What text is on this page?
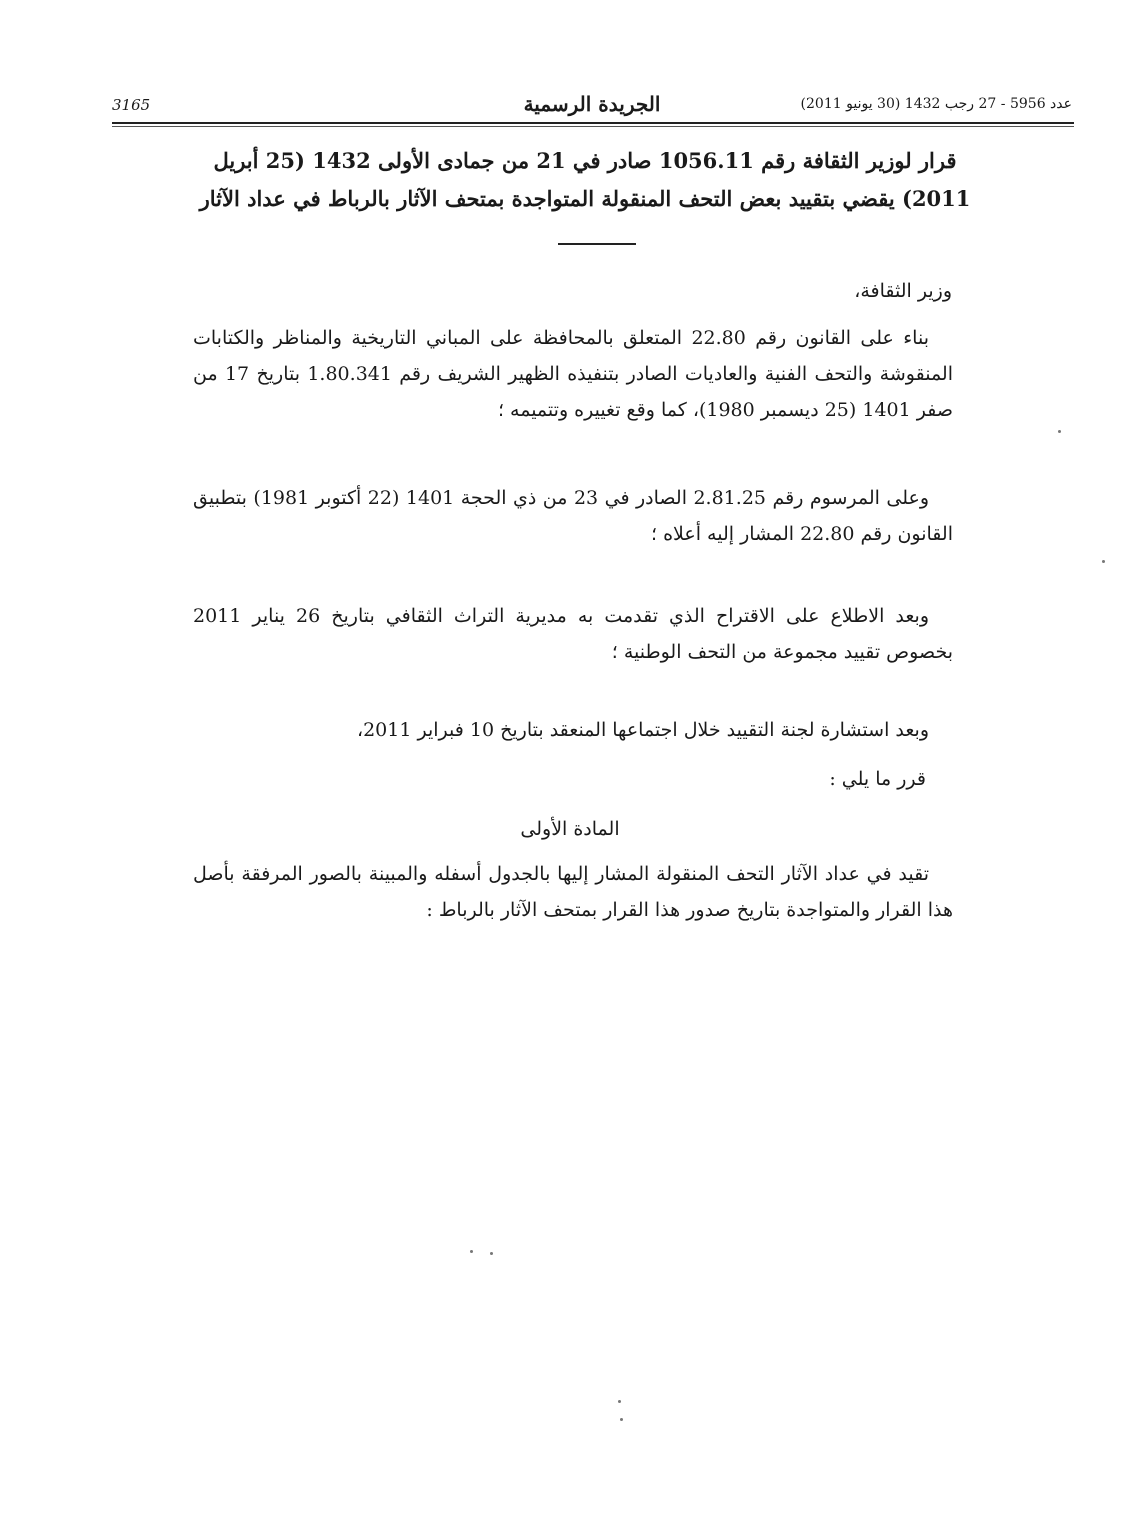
3165	الجريدة الرسمية	عدد 5956 - 27 رجب 1432 (30 يونيو 2011)
قرار لوزير الثقافة رقم 1056.11 صادر في 21 من جمادى الأولى 1432 (25 أبريل 2011) يقضي بتقييد بعض التحف المنقولة المتواجدة بمتحف الآثار بالرباط في عداد الآثار
وزير الثقافة،
بناء على القانون رقم 22.80 المتعلق بالمحافظة على المباني التاريخية والمناظر والكتابات المنقوشة والتحف الفنية والعاديات الصادر بتنفيذه الظهير الشريف رقم 1.80.341 بتاريخ 17 من صفر 1401 (25 ديسمبر 1980)، كما وقع تغييره وتتميمه ؛
وعلى المرسوم رقم 2.81.25 الصادر في 23 من ذي الحجة 1401 (22 أكتوبر 1981) بتطبيق القانون رقم 22.80 المشار إليه أعلاه ؛
وبعد الاطلاع على الاقتراح الذي تقدمت به مديرية التراث الثقافي بتاريخ 26 يناير 2011 بخصوص تقييد مجموعة من التحف الوطنية ؛
وبعد استشارة لجنة التقييد خلال اجتماعها المنعقد بتاريخ 10 فبراير 2011،
قرر ما يلي :
المادة الأولى
تقيد في عداد الآثار التحف المنقولة المشار إليها بالجدول أسفله والمبينة بالصور المرفقة بأصل هذا القرار والمتواجدة بتاريخ صدور هذا القرار بمتحف الآثار بالرباط :
